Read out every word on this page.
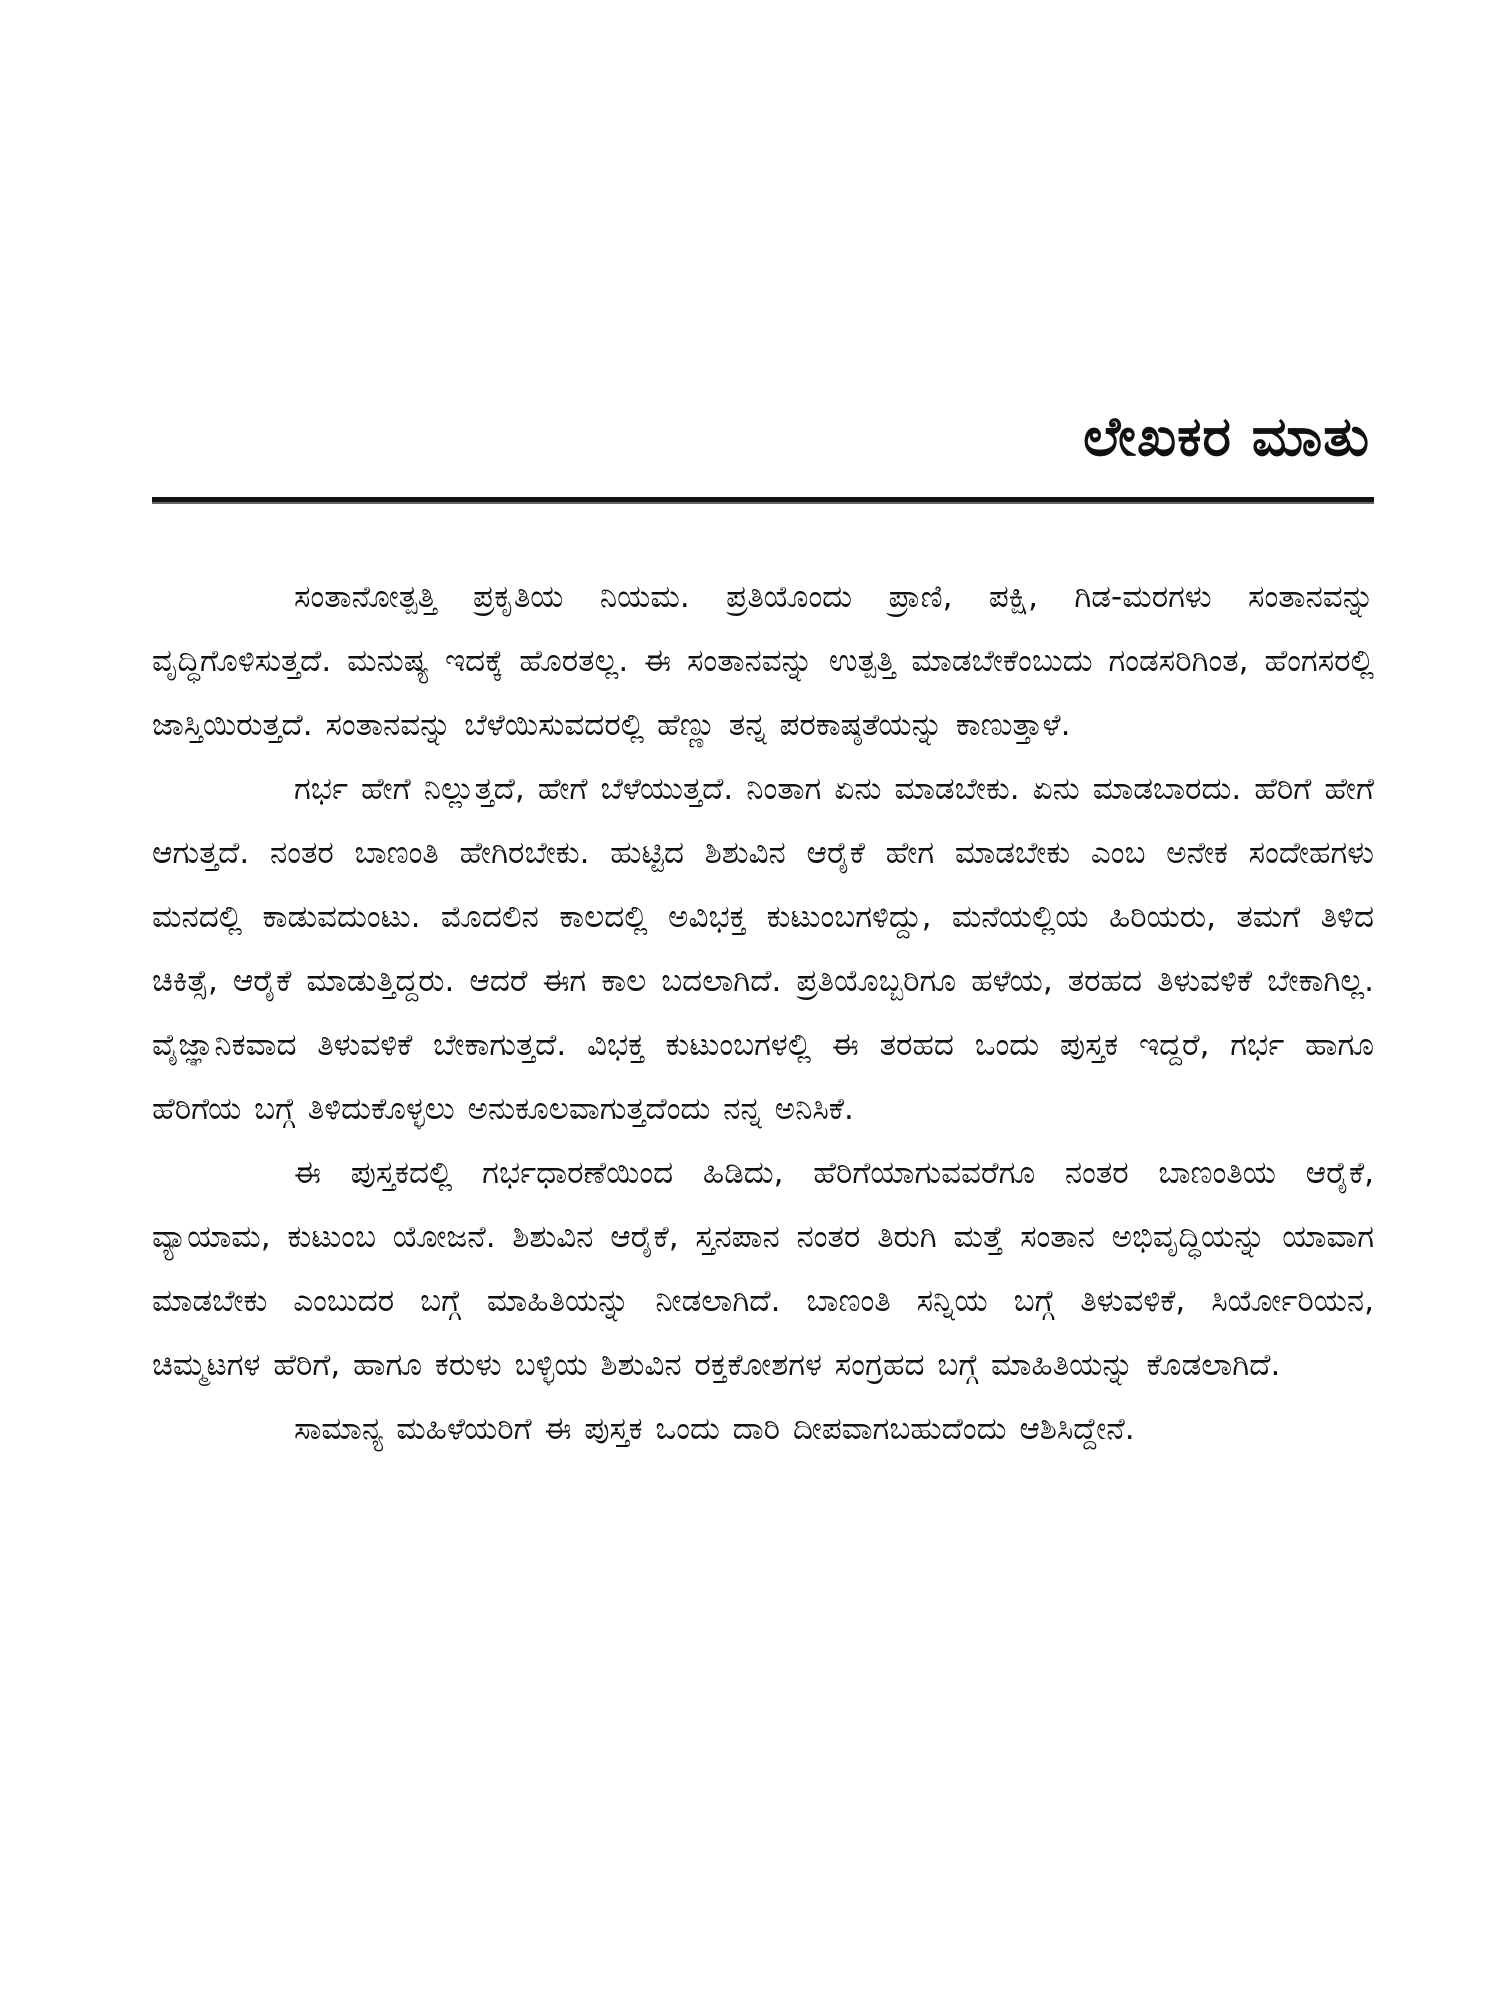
ಲೇಖಕರ ಮಾತು

ಸಂತಾನೋತ್ಪತ್ತಿ ಪ್ರಕೃತಿಯ ನಿಯಮ. ಪ್ರತಿಯೊಂದು ಪ್ರಾಣಿ, ಪಕ್ಷಿ, ಗಿಡ-ಮರಗಳು ಸಂತಾನವನ್ನು ವೃದ್ಧಿಗೊಳಿಸುತ್ತದೆ. ಮನುಷ್ಯ ಇದಕ್ಕೆ ಹೊರತಲ್ಲ. ಈ ಸಂತಾನವನ್ನು ಉತ್ಪತ್ತಿ ಮಾಡಬೇಕೆಂಬುದು ಗಂಡಸರಿಗಿಂತ, ಹೆಂಗಸರಲ್ಲಿ ಜಾಸ್ತಿಯಿರುತ್ತದೆ. ಸಂತಾನವನ್ನು ಬೆಳೆಯಿಸುವದರಲ್ಲಿ ಹೆಣ್ಣು ತನ್ನ ಪರಕಾಷ್ಠತೆಯನ್ನು ಕಾಣುತ್ತಾಳೆ.

ಗರ್ಭ ಹೇಗೆ ನಿಲ್ಲುತ್ತದೆ, ಹೇಗೆ ಬೆಳೆಯುತ್ತದೆ. ನಿಂತಾಗ ಏನು ಮಾಡಬೇಕು. ಏನು ಮಾಡಬಾರದು. ಹೆರಿಗೆ ಹೇಗೆ ಆಗುತ್ತದೆ. ನಂತರ ಬಾಣಂತಿ ಹೇಗಿರಬೇಕು. ಹುಟ್ಟಿದ ಶಿಶುವಿನ ಆರೈಕೆ ಹೇಗ ಮಾಡಬೇಕು ಎಂಬ ಅನೇಕ ಸಂದೇಹಗಳು ಮನದಲ್ಲಿ ಕಾಡುವದುಂಟು. ಮೊದಲಿನ ಕಾಲದಲ್ಲಿ ಅವಿಭಕ್ತ ಕುಟುಂಬಗಳಿದ್ದು, ಮನೆಯಲ್ಲಿಯ ಹಿರಿಯರು, ತಮಗೆ ತಿಳಿದ ಚಿಕಿತ್ಸೆ, ಆರೈಕೆ ಮಾಡುತ್ತಿದ್ದರು. ಆದರೆ ಈಗ ಕಾಲ ಬದಲಾಗಿದೆ. ಪ್ರತಿಯೊಬ್ಬರಿಗೂ ಹಳೆಯ, ತರಹದ ತಿಳುವಳಿಕೆ ಬೇಕಾಗಿಲ್ಲ. ವೈಜ್ಞಾನಿಕವಾದ ತಿಳುವಳಿಕೆ ಬೇಕಾಗುತ್ತದೆ. ವಿಭಕ್ತ ಕುಟುಂಬಗಳಲ್ಲಿ ಈ ತರಹದ ಒಂದು ಪುಸ್ತಕ ಇದ್ದರೆ, ಗರ್ಭ ಹಾಗೂ ಹೆರಿಗೆಯ ಬಗ್ಗೆ ತಿಳಿದುಕೊಳ್ಳಲು ಅನುಕೂಲವಾಗುತ್ತದೆಂದು ನನ್ನ ಅನಿಸಿಕೆ.

ಈ ಪುಸ್ತಕದಲ್ಲಿ ಗರ್ಭಧಾರಣೆಯಿಂದ ಹಿಡಿದು, ಹೆರಿಗೆಯಾಗುವವರೆಗೂ ನಂತರ ಬಾಣಂತಿಯ ಆರೈಕೆ, ವ್ಯಾಯಾಮ, ಕುಟುಂಬ ಯೋಜನೆ. ಶಿಶುವಿನ ಆರೈಕೆ, ಸ್ತನಪಾನ ನಂತರ ತಿರುಗಿ ಮತ್ತೆ ಸಂತಾನ ಅಭಿವೃದ್ಧಿಯನ್ನು ಯಾವಾಗ ಮಾಡಬೇಕು ಎಂಬುದರ ಬಗ್ಗೆ ಮಾಹಿತಿಯನ್ನು ನೀಡಲಾಗಿದೆ. ಬಾಣಂತಿ ಸನ್ನಿಯ ಬಗ್ಗೆ ತಿಳುವಳಿಕೆ, ಸಿರ್ಯೋರಿಯನ, ಚಿಮ್ಮಟಗಳ ಹೆರಿಗೆ, ಹಾಗೂ ಕರುಳು ಬಳ್ಳಿಯ ಶಿಶುವಿನ ರಕ್ತಕೋಶಗಳ ಸಂಗ್ರಹದ ಬಗ್ಗೆ ಮಾಹಿತಿಯನ್ನು ಕೊಡಲಾಗಿದೆ.

ಸಾಮಾನ್ಯ ಮಹಿಳೆಯರಿಗೆ ಈ ಪುಸ್ತಕ ಒಂದು ದಾರಿ ದೀಪವಾಗಬಹುದೆಂದು ಆಶಿಸಿದ್ದೇನೆ.
